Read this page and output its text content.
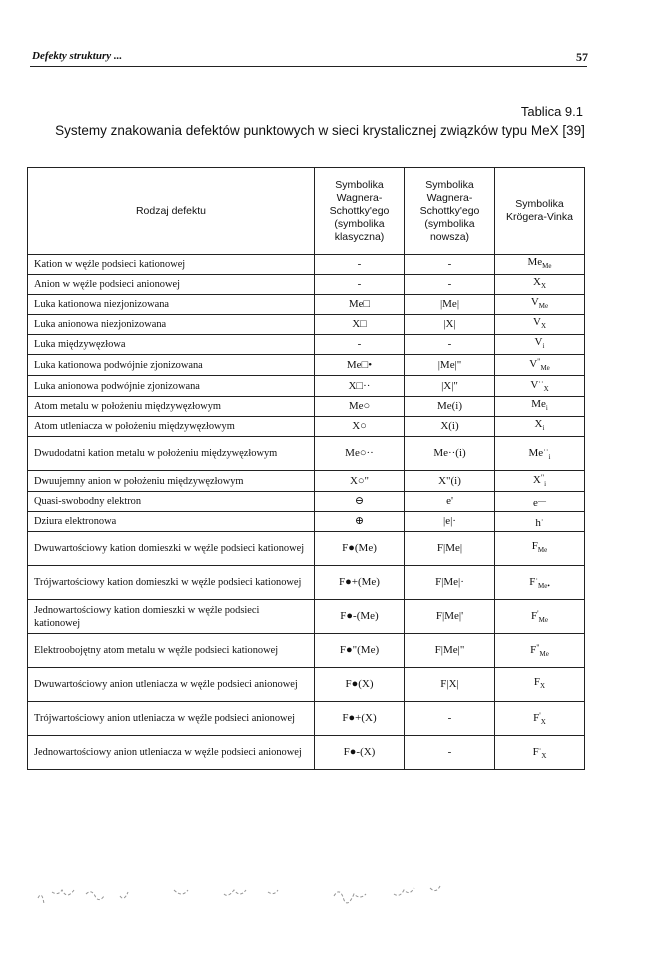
Defekty struktury ...	57
Tablica 9.1
Systemy znakowania defektów punktowych w sieci krystalicznej związków typu MeX [39]
Rodzaj defektu	Symbolika Wagnera-Schottky'ego (symbolika klasyczna)	Symbolika Wagnera-Schottky'ego (symbolika nowsza)	Symbolika Krögera-Vinka
Kation w węźle podsieci kationowej	-	-	$Me_{Me}$
Anion w węźle podsieci anionowej	-	-	$X_X$
Luka kationowa niezjonizowana	Me□	|Me|	$V_{Me}$
Luka anionowa niezjonizowana	X□	|X|	$V_X$
Luka międzywęzłowa	-	-	$V_i$
Luka kationowa podwójnie zjonizowana	Me□•	|Me|"	$V^"_{Me}$
Luka anionowa podwójnie zjonizowana	X□··	|X|"	$V^{\cdot\cdot}_X$
Atom metalu w położeniu międzywęzłowym	Me○	Me(i)	$Me_i$
Atom utleniacza w położeniu międzywęzłowym	X○	X(i)	$X_i$
Dwudodatni kation metalu w położeniu międzywęzłowym	Me○··	Me··(i)	$Me^{\cdot\cdot}_i$
Dwuujemny anion w położeniu międzywęzłowym	X○"	X"(i)	$X^"_i$
Quasi-swobodny elektron	⊖	e'	e—
Dziura elektronowa	⊕	|e|·	h·
Dwuwartościowy kation domieszki w węźle podsieci kationowej	F●(Me)	F|Me|	$F_{Me}$
Trójwartościowy kation domieszki w węźle podsieci kationowej	F●+(Me)	F|Me|·	$F^\cdot_{Me•}$
Jednowartościowy kation domieszki w węźle podsieci kationowej	F●-(Me)	F|Me|'	$F'_{Me}$
Elektroobojętny atom metalu w węźle podsieci kationowej	F●"(Me)	F|Me|"	$F^"_{Me}$
Dwuwartościowy anion utleniacza w węźle podsieci anionowej	F●(X)	F|X|	$F_X$
Trójwartościowy anion utleniacza w węźle podsieci anionowej	F●+(X)	-	$F'_X$
Jednowartościowy anion utleniacza w węźle podsieci anionowej	F●-(X)	-	$F^\cdot_X$
